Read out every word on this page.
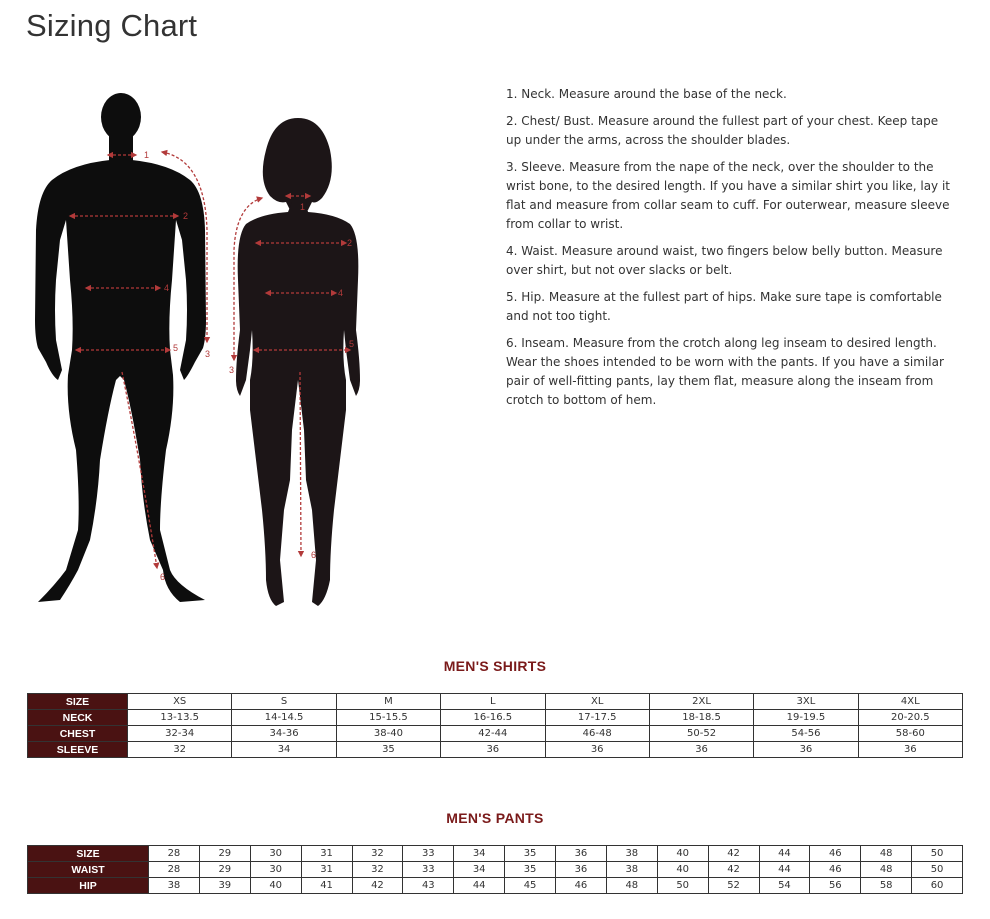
Sizing Chart
1
2
3
4
5
6
1
2
3
4
5
6

1. Neck. Measure around the base of the neck.

2. Chest/ Bust. Measure around the fullest part of your chest. Keep tape up under the arms, across the shoulder blades.

3. Sleeve. Measure from the nape of the neck, over the shoulder to the wrist bone, to the desired length. If you have a similar shirt you like, lay it flat and measure from collar seam to cuff. For outerwear, measure sleeve from collar to wrist.

4. Waist. Measure around waist, two fingers below belly button. Measure over shirt, but not over slacks or belt.

5. Hip. Measure at the fullest part of hips. Make sure tape is comfortable and not too tight.

6. Inseam. Measure from the crotch along leg inseam to desired length. Wear the shoes intended to be worn with the pants. If you have a similar pair of well-fitting pants, lay them flat, measure along the inseam from crotch to bottom of hem.

MEN'S SHIRTS
SIZE	XS	S	M	L	XL	2XL	3XL	4XL
NECK	13-13.5	14-14.5	15-15.5	16-16.5	17-17.5	18-18.5	19-19.5	20-20.5
CHEST	32-34	34-36	38-40	42-44	46-48	50-52	54-56	58-60
SLEEVE	32	34	35	36	36	36	36	36
MEN'S PANTS
SIZE	28	29	30	31	32	33	34	35	36	38	40	42	44	46	48	50
WAIST	28	29	30	31	32	33	34	35	36	38	40	42	44	46	48	50
HIP	38	39	40	41	42	43	44	45	46	48	50	52	54	56	58	60
